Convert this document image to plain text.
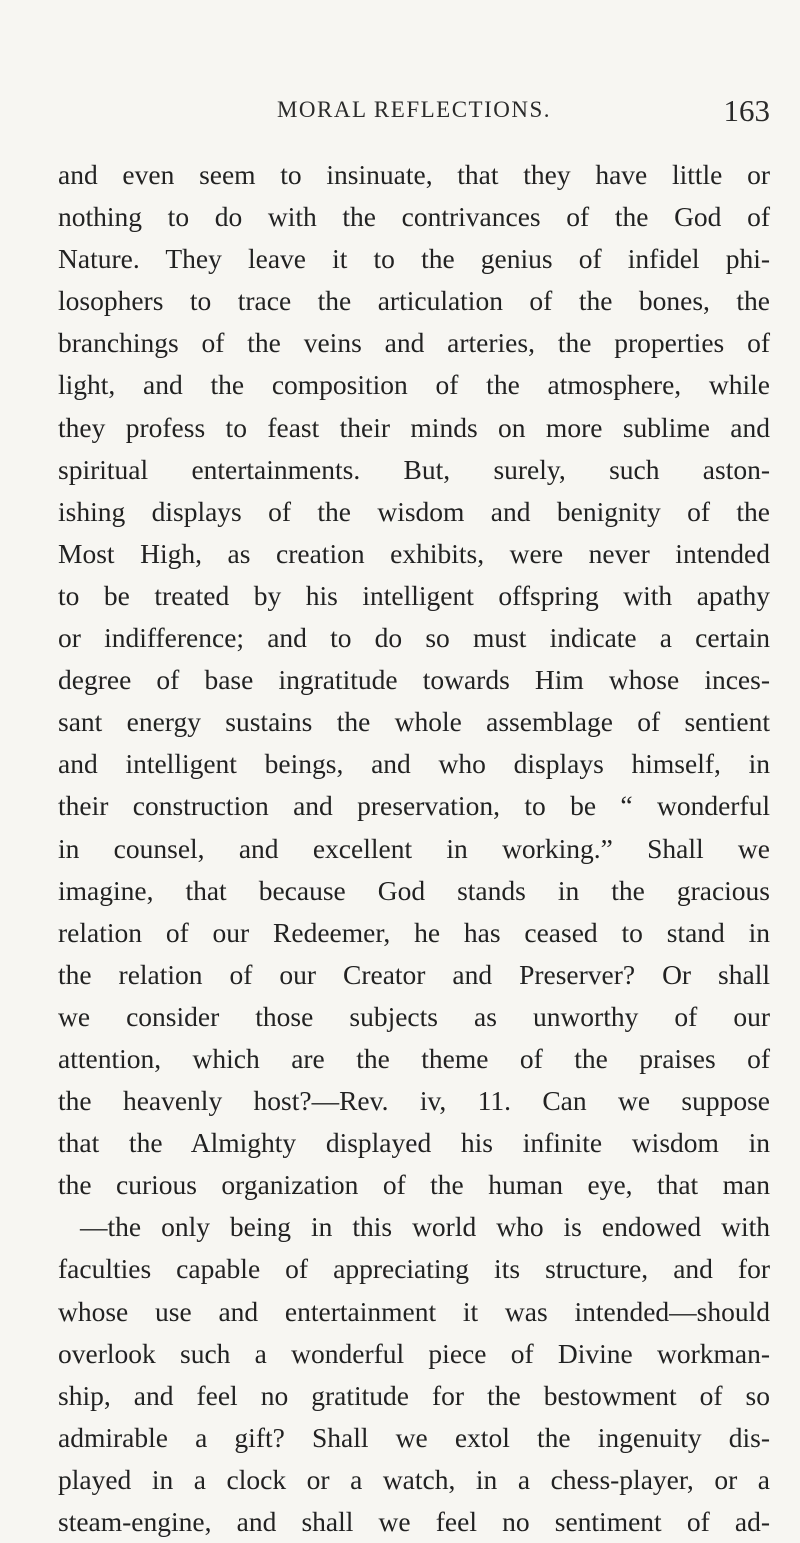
MORAL REFLECTIONS.	163
and even seem to insinuate, that they have little or
nothing to do with the contrivances of the God of
Nature. They leave it to the genius of infidel phi-
losophers to trace the articulation of the bones, the
branchings of the veins and arteries, the properties of
light, and the composition of the atmosphere, while
they profess to feast their minds on more sublime and
spiritual entertainments. But, surely, such aston-
ishing displays of the wisdom and benignity of the
Most High, as creation exhibits, were never intended
to be treated by his intelligent offspring with apathy
or indifference; and to do so must indicate a certain
degree of base ingratitude towards Him whose inces-
sant energy sustains the whole assemblage of sentient
and intelligent beings, and who displays himself, in
their construction and preservation, to be “ wonderful
in counsel, and excellent in working.” Shall we
imagine, that because God stands in the gracious
relation of our Redeemer, he has ceased to stand in
the relation of our Creator and Preserver? Or shall
we consider those subjects as unworthy of our
attention, which are the theme of the praises of
the heavenly host?—Rev. iv, 11. Can we suppose
that the Almighty displayed his infinite wisdom in
the curious organization of the human eye, that man
—the only being in this world who is endowed with
faculties capable of appreciating its structure, and for
whose use and entertainment it was intended—should
overlook such a wonderful piece of Divine workman-
ship, and feel no gratitude for the bestowment of so
admirable a gift? Shall we extol the ingenuity dis-
played in a clock or a watch, in a chess-player, or a
steam-engine, and shall we feel no sentiment of ad-
